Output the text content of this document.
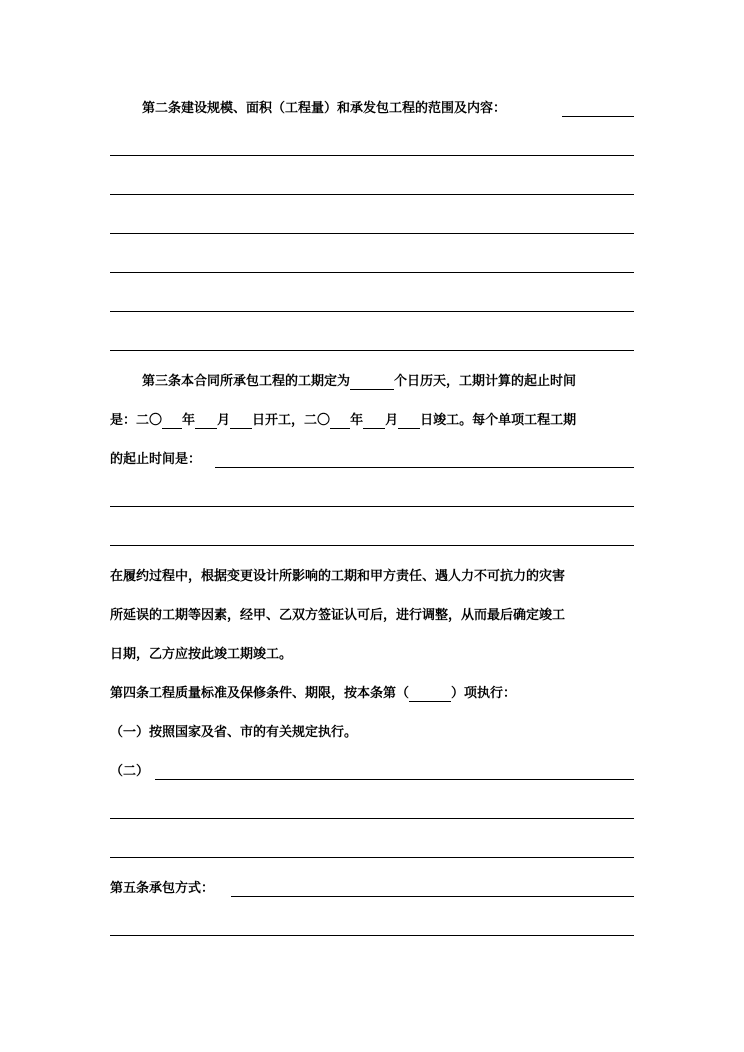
第二条建设规模、面积（工程量）和承发包工程的范围及内容：
第三条本合同所承包工程的工期定为	个日历天，工期计算的起止时间
是：二〇 年 月 日开工，二〇 年 月 日竣工。每个单项工程工期
的起止时间是：
在履约过程中，根据变更设计所影响的工期和甲方责任、遇人力不可抗力的灾害
所延误的工期等因素，经甲、乙双方签证认可后，进行调整，从而最后确定竣工
日期，乙方应按此竣工期竣工。
第四条工程质量标准及保修条件、期限，按本条第（	）项执行：
（一）按照国家及省、市的有关规定执行。
（二）
第五条承包方式：
